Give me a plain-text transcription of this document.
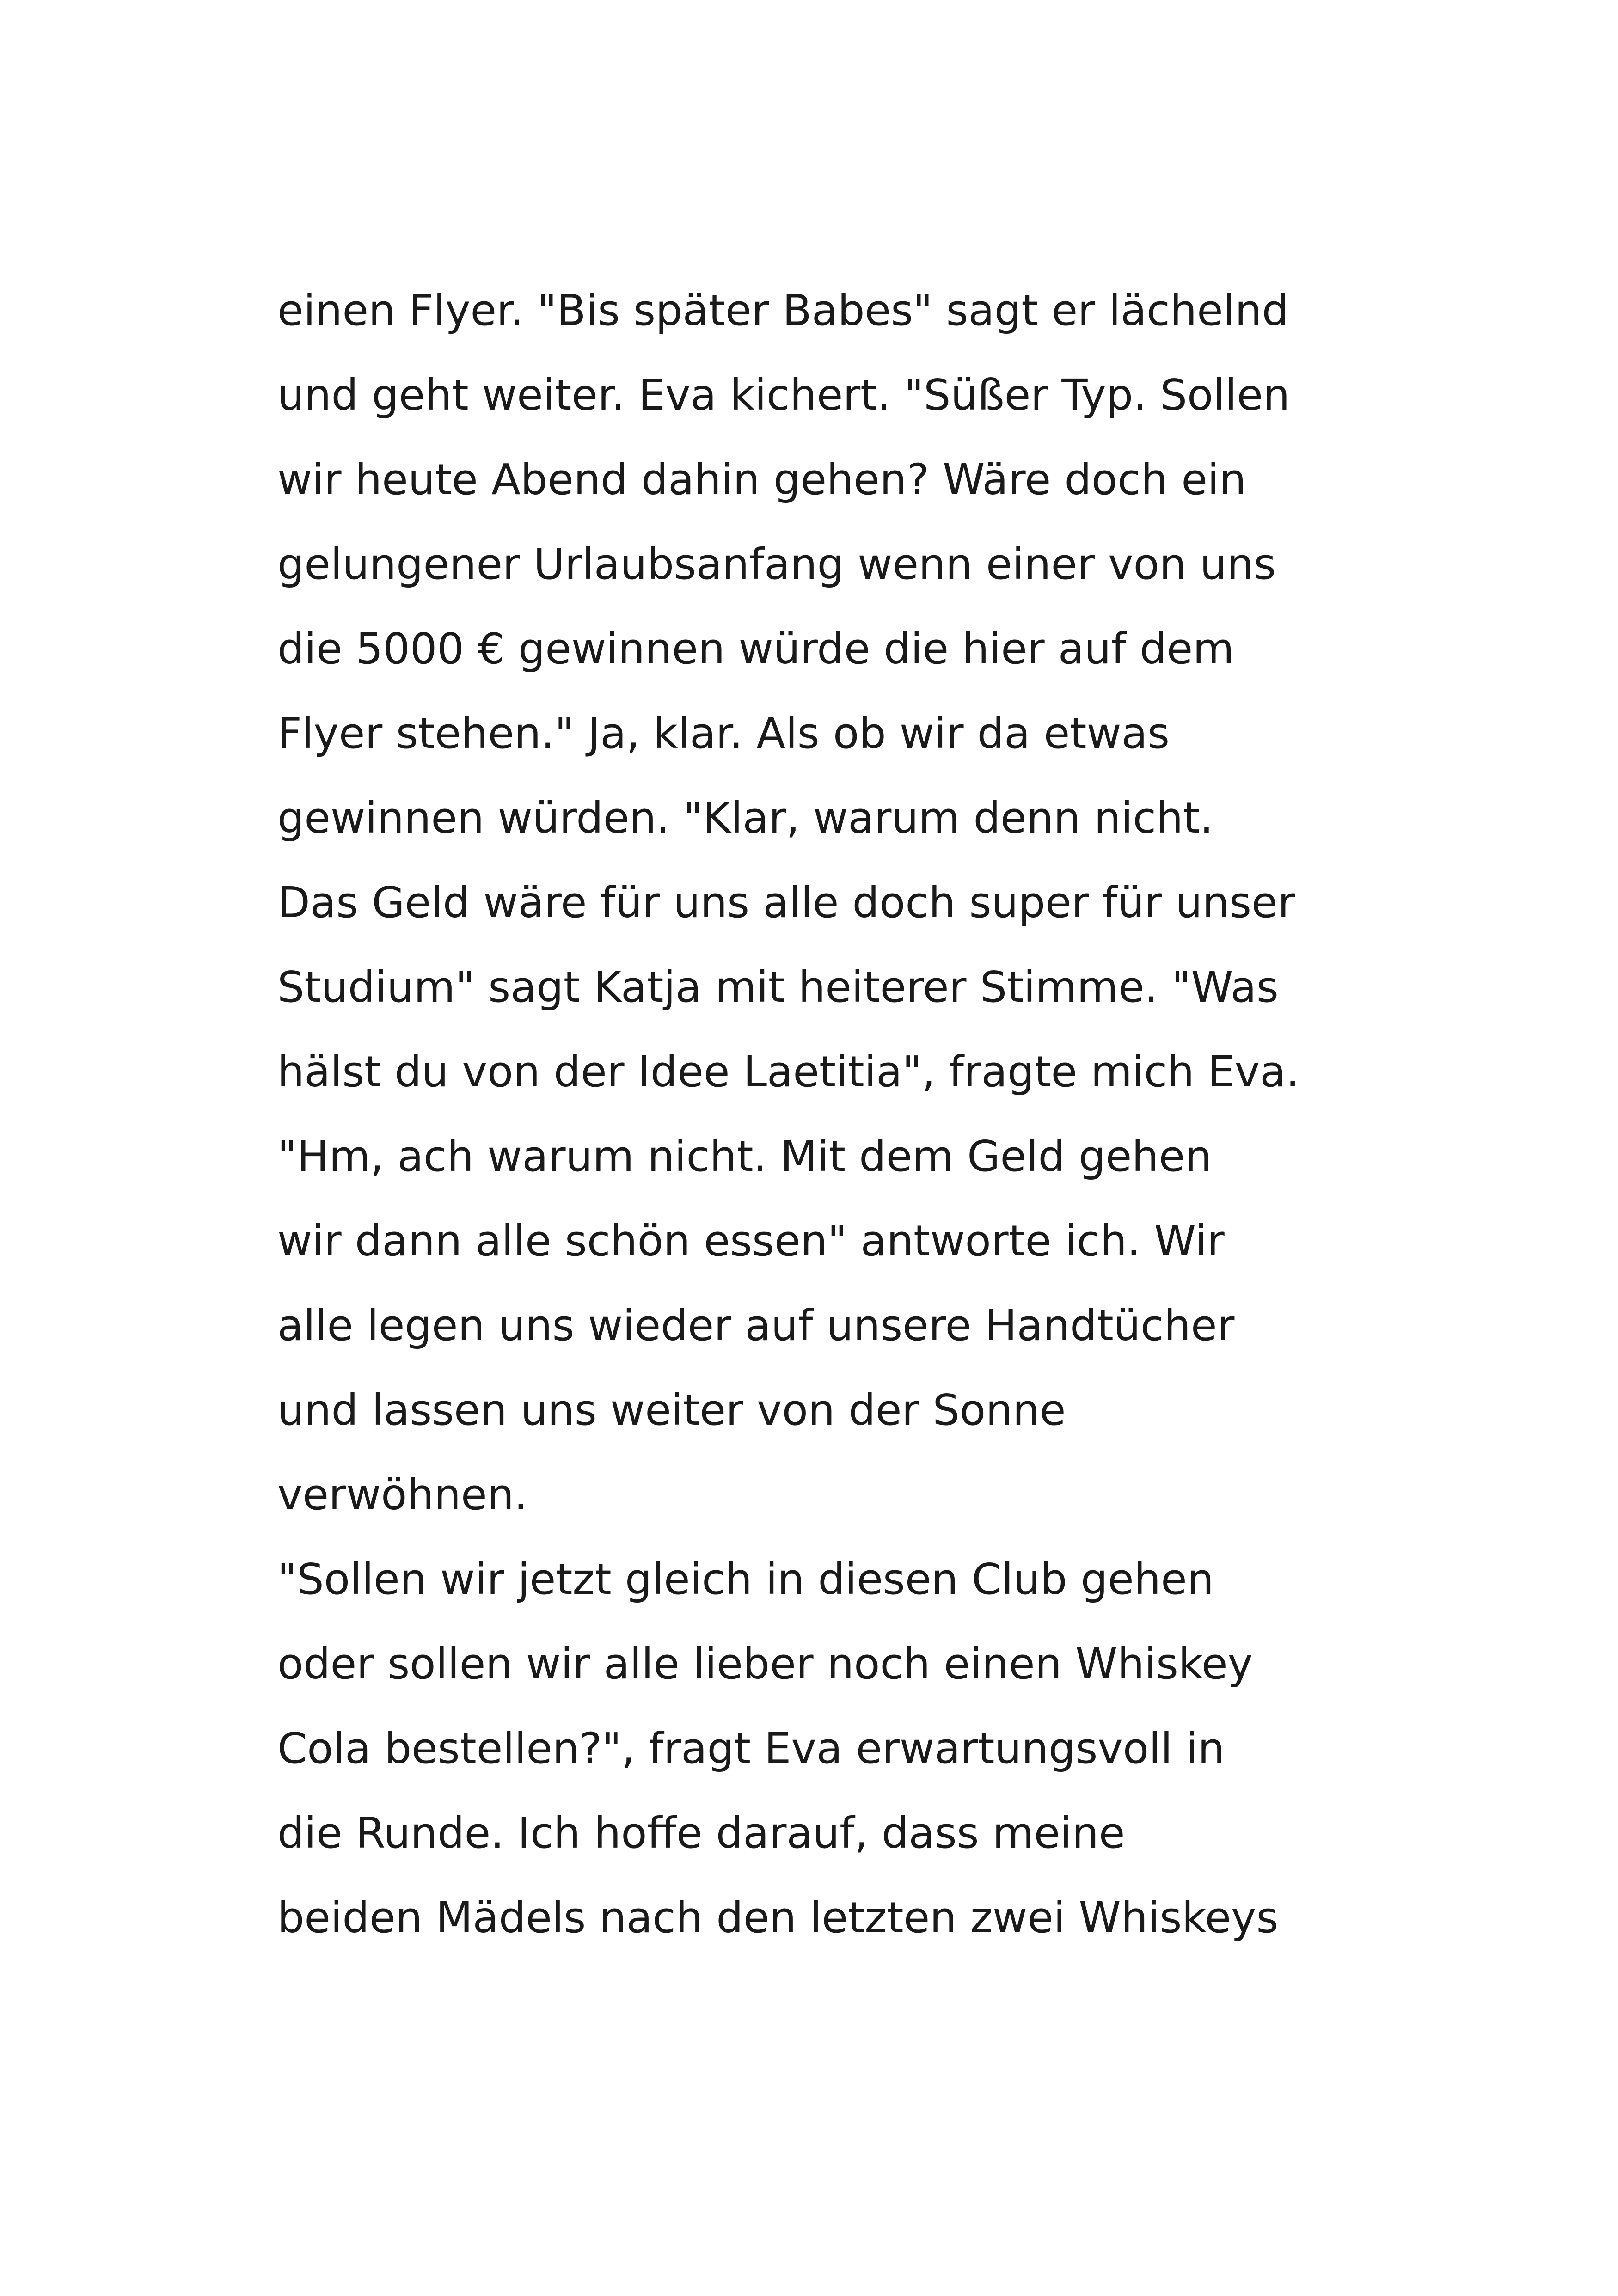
einen Flyer. "Bis später Babes" sagt er lächelnd
und geht weiter. Eva kichert. "Süßer Typ. Sollen
wir heute Abend dahin gehen? Wäre doch ein
gelungener Urlaubsanfang wenn einer von uns
die 5000 € gewinnen würde die hier auf dem
Flyer stehen." Ja, klar. Als ob wir da etwas
gewinnen würden. "Klar, warum denn nicht.
Das Geld wäre für uns alle doch super für unser
Studium" sagt Katja mit heiterer Stimme. "Was
hälst du von der Idee Laetitia", fragte mich Eva.
"Hm, ach warum nicht. Mit dem Geld gehen
wir dann alle schön essen" antworte ich. Wir
alle legen uns wieder auf unsere Handtücher
und lassen uns weiter von der Sonne
verwöhnen.
"Sollen wir jetzt gleich in diesen Club gehen
oder sollen wir alle lieber noch einen Whiskey
Cola bestellen?", fragt Eva erwartungsvoll in
die Runde. Ich hoffe darauf, dass meine
beiden Mädels nach den letzten zwei Whiskeys
